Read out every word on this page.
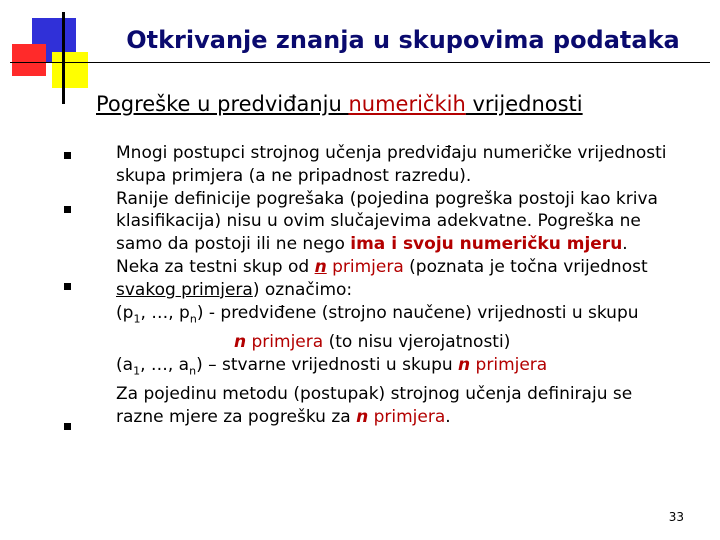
Otkrivanje znanja u skupovima podataka
Pogreške u predviđanju numeričkih vrijednosti
Mnogi postupci strojnog učenja predviđaju numeričke vrijednosti
skupa primjera (a ne pripadnost razredu).
Ranije definicije pogrešaka (pojedina pogreška postoji kao kriva
klasifikacija) nisu u ovim slučajevima adekvatne. Pogreška ne
samo da postoji ili ne nego ima i svoju numeričku mjeru.
Neka za testni skup od n primjera (poznata je točna vrijednost
svakog primjera) označimo:
($p_1$, …, $p_n$) - predviđene (strojno naučene) vrijednosti u skupu
n primjera (to nisu vjerojatnosti)
($a_1$, …, $a_n$) – stvarne vrijednosti u skupu n primjera
Za pojedinu metodu (postupak) strojnog učenja definiraju se
razne mjere za pogrešku za n primjera.
33
